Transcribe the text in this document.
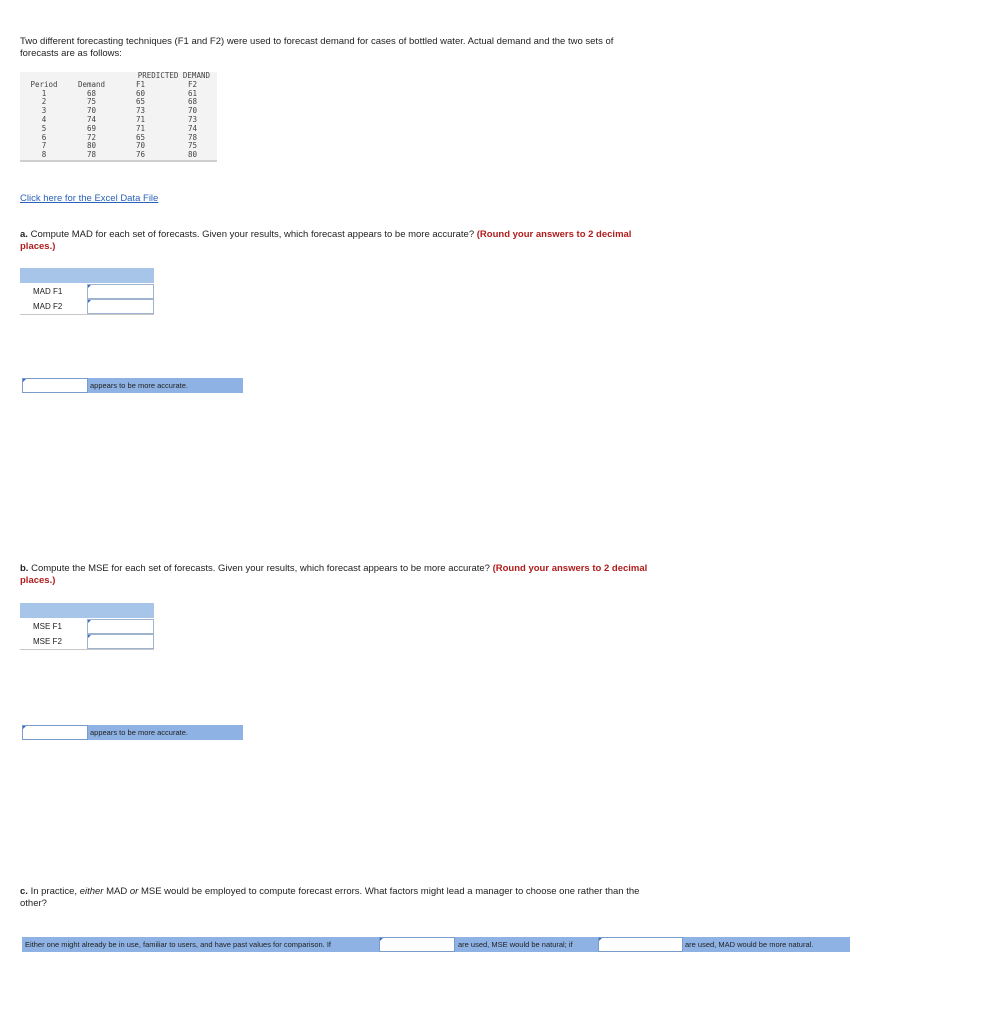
Two different forecasting techniques (F1 and F2) were used to forecast demand for cases of bottled water. Actual demand and the two sets of forecasts are as follows:
		PREDICTED DEMAND	
Period	Demand	F1	F2
1	68	60	61
2	75	65	68
3	70	73	70
4	74	71	73
5	69	71	74
6	72	65	78
7	80	70	75
8	78	76	80
Click here for the Excel Data File
a. Compute MAD for each set of forecasts. Given your results, which forecast appears to be more accurate? (Round your answers to 2 decimal places.)
MAD F1
MAD F2
appears to be more accurate.
b. Compute the MSE for each set of forecasts. Given your results, which forecast appears to be more accurate? (Round your answers to 2 decimal places.)
MSE F1
MSE F2
appears to be more accurate.
c. In practice, either MAD or MSE would be employed to compute forecast errors. What factors might lead a manager to choose one rather than the other?
Either one might already be in use, familiar to users, and have past values for comparison. If	are used, MSE would be natural; if	are used, MAD would be more natural.
